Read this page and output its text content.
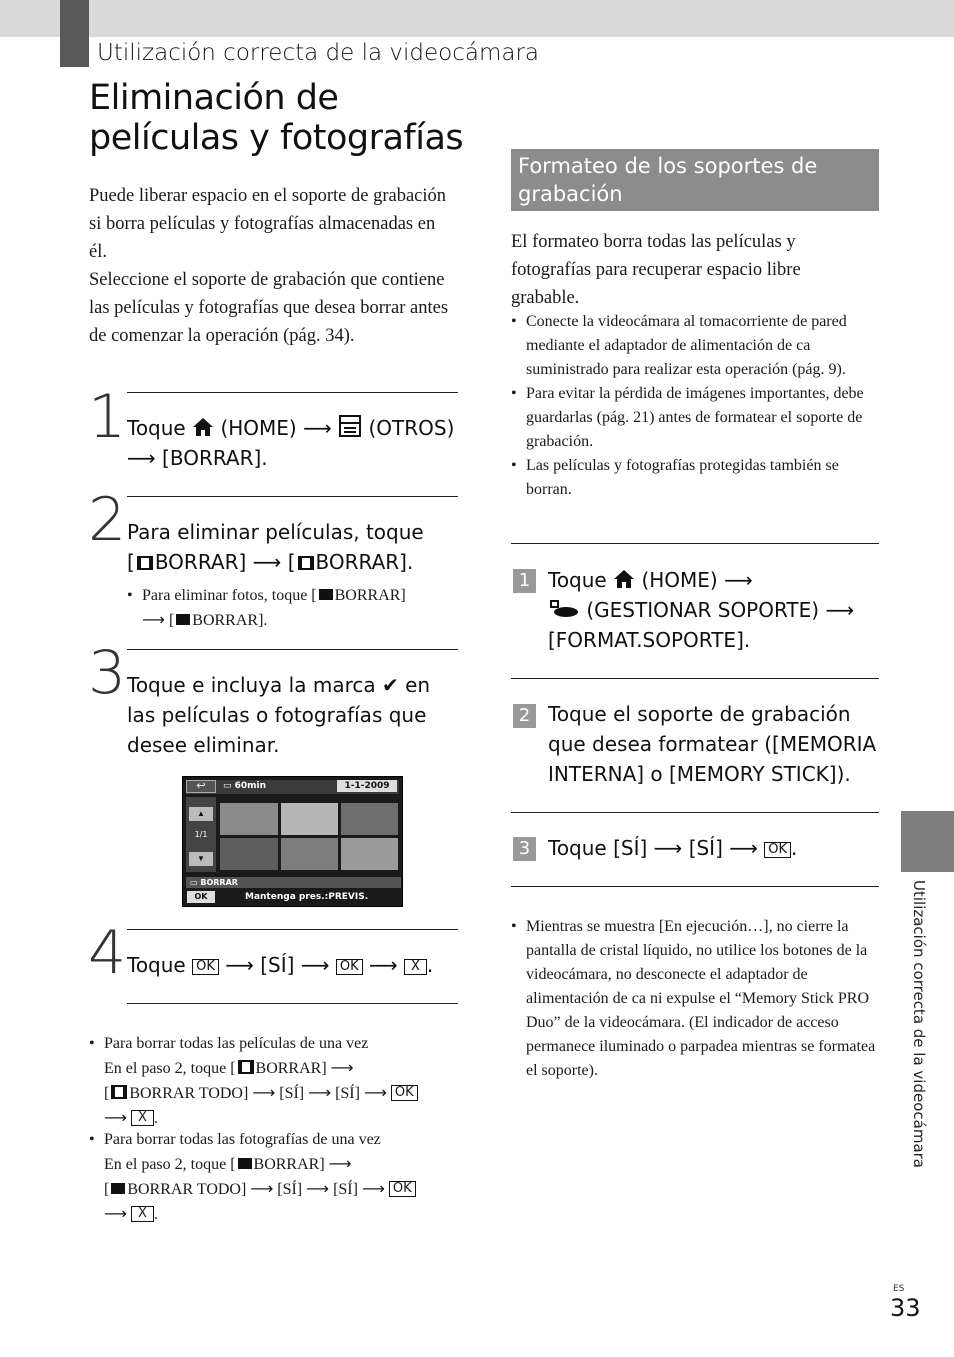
Utilización correcta de la videocámara
Eliminación de
películas y fotografías

Puede liberar espacio en el soporte de grabación si borra películas y fotografías almacenadas en él.

Seleccione el soporte de grabación que contiene las películas y fotografías que desea borrar antes de comenzar la operación (pág. 34).

1 Toque (HOME) ⟶ (OTROS)
⟶ [BORRAR].
2 Para eliminar películas, toque
[ BORRAR] ⟶ [ BORRAR].
• Para eliminar fotos, toque [ BORRAR]
⟶ [ BORRAR].
3 Toque e incluya la marca ✔ en las películas o fotografías que desee eliminar.
↩	▭ 60min	1-1-2009
▲
1/1
▼
▭ BORRAR
OK	Mantenga pres.:PREVIS.
4 Toque OK ⟶ [SÍ] ⟶ OK ⟶ X .
• Para borrar todas las películas de una vez
En el paso 2, toque [ BORRAR] ⟶
[ BORRAR TODO] ⟶ [SÍ] ⟶ [SÍ] ⟶ OK
⟶ X .
• Para borrar todas las fotografías de una vez
En el paso 2, toque [ BORRAR] ⟶
[ BORRAR TODO] ⟶ [SÍ] ⟶ [SÍ] ⟶ OK
⟶ X .
Formateo de los soportes de grabación
El formateo borra todas las películas y fotografías para recuperar espacio libre grabable.
• Conecte la videocámara al tomacorriente de pared mediante el adaptador de alimentación de ca suministrado para realizar esta operación (pág. 9).
• Para evitar la pérdida de imágenes importantes, debe guardarlas (pág. 21) antes de formatear el soporte de grabación.
• Las películas y fotografías protegidas también se borran.
1 Toque (HOME) ⟶
(GESTIONAR SOPORTE) ⟶
[FORMAT.SOPORTE].
2 Toque el soporte de grabación que desea formatear ([MEMORIA INTERNA] o [MEMORY STICK]).
3 Toque [SÍ] ⟶ [SÍ] ⟶ OK .
• Mientras se muestra [En ejecución…], no cierre la pantalla de cristal líquido, no utilice los botones de la videocámara, no desconecte el adaptador de alimentación de ca ni expulse el “Memory Stick PRO Duo” de la videocámara. (El indicador de acceso permanece iluminado o parpadea mientras se formatea el soporte).	Utilización correcta de la videocámara
ES
33
